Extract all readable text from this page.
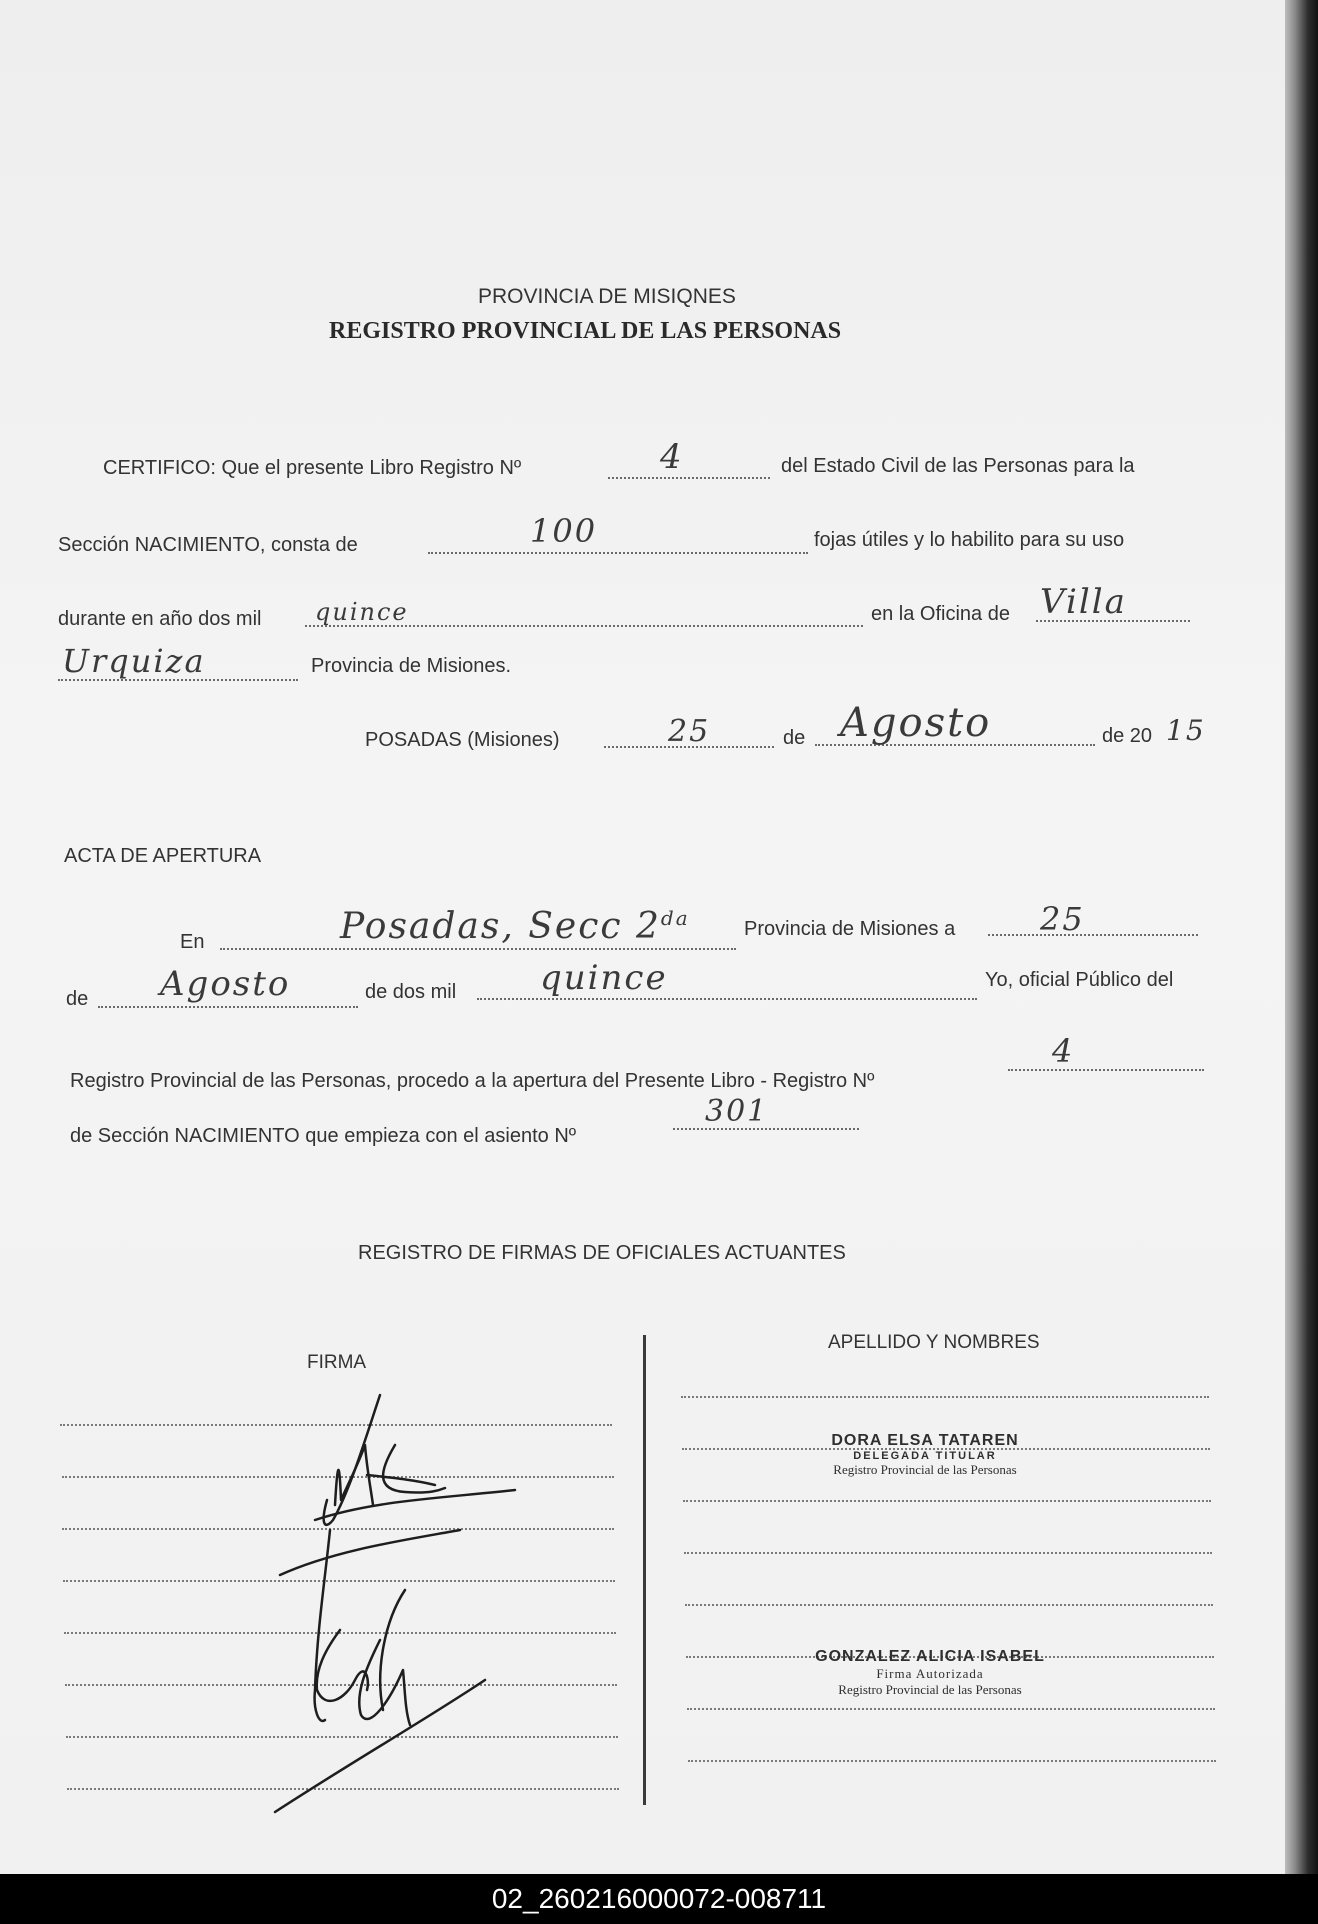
PROVINCIA DE MISIQNES
REGISTRO PROVINCIAL DE LAS PERSONAS
CERTIFICO: Que el presente Libro Registro Nº	4	del Estado Civil de las Personas para la
Sección NACIMIENTO, consta de	100	fojas útiles y lo habilito para su uso
durante en año dos mil quince	en la Oficina de Villa
Urquiza	Provincia de Misiones.
POSADAS (Misiones)	25	de Agosto	de 20 15
ACTA DE APERTURA
En	Posadas, Secc $2^{da}$	Provincia de Misiones a	25
de Agosto	de dos mil quince	Yo, oficial Público del
Registro Provincial de las Personas, procedo a la apertura del Presente Libro - Registro Nº
4
de Sección NACIMIENTO que empieza con el asiento Nº
301
REGISTRO DE FIRMAS DE OFICIALES ACTUANTES
FIRMA
APELLIDO Y NOMBRES
DORA ELSA TATAREN
DELEGADA TITULAR
Registro Provincial de las Personas
GONZALEZ ALICIA ISABEL
Firma Autorizada
Registro Provincial de las Personas
02_260216000072-008711
